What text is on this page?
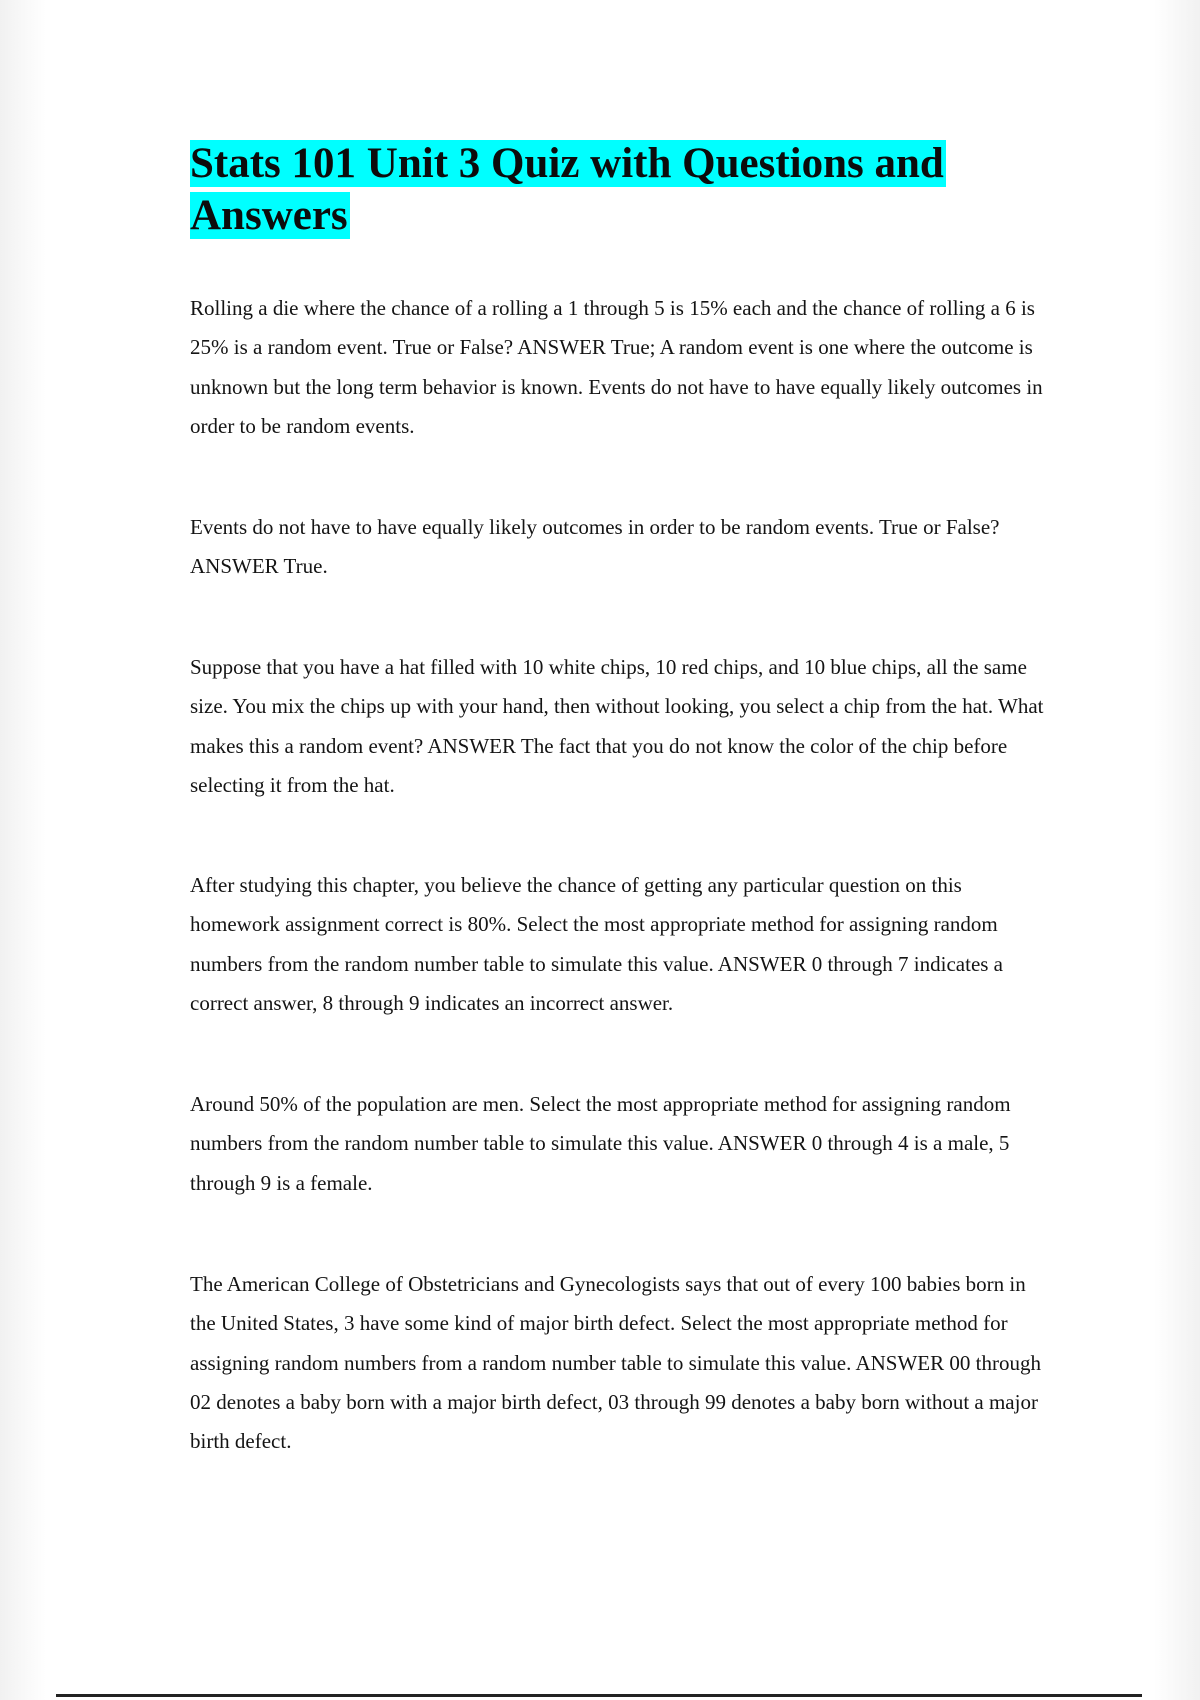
Stats 101 Unit 3 Quiz with Questions and Answers

Rolling a die where the chance of a rolling a 1 through 5 is 15% each and the chance of rolling a 6 is 25% is a random event. True or False? ANSWER True; A random event is one where the outcome is unknown but the long term behavior is known. Events do not have to have equally likely outcomes in order to be random events.

Events do not have to have equally likely outcomes in order to be random events. True or False? ANSWER True.

Suppose that you have a hat filled with 10 white chips, 10 red chips, and 10 blue chips, all the same size. You mix the chips up with your hand, then without looking, you select a chip from the hat. What makes this a random event? ANSWER The fact that you do not know the color of the chip before selecting it from the hat.

After studying this chapter, you believe the chance of getting any particular question on this homework assignment correct is 80%. Select the most appropriate method for assigning random numbers from the random number table to simulate this value. ANSWER 0 through 7 indicates a correct answer, 8 through 9 indicates an incorrect answer.

Around 50% of the population are men. Select the most appropriate method for assigning random numbers from the random number table to simulate this value. ANSWER 0 through 4 is a male, 5 through 9 is a female.

The American College of Obstetricians and Gynecologists says that out of every 100 babies born in the United States, 3 have some kind of major birth defect. Select the most appropriate method for assigning random numbers from a random number table to simulate this value. ANSWER 00 through 02 denotes a baby born with a major birth defect, 03 through 99 denotes a baby born without a major birth defect.
